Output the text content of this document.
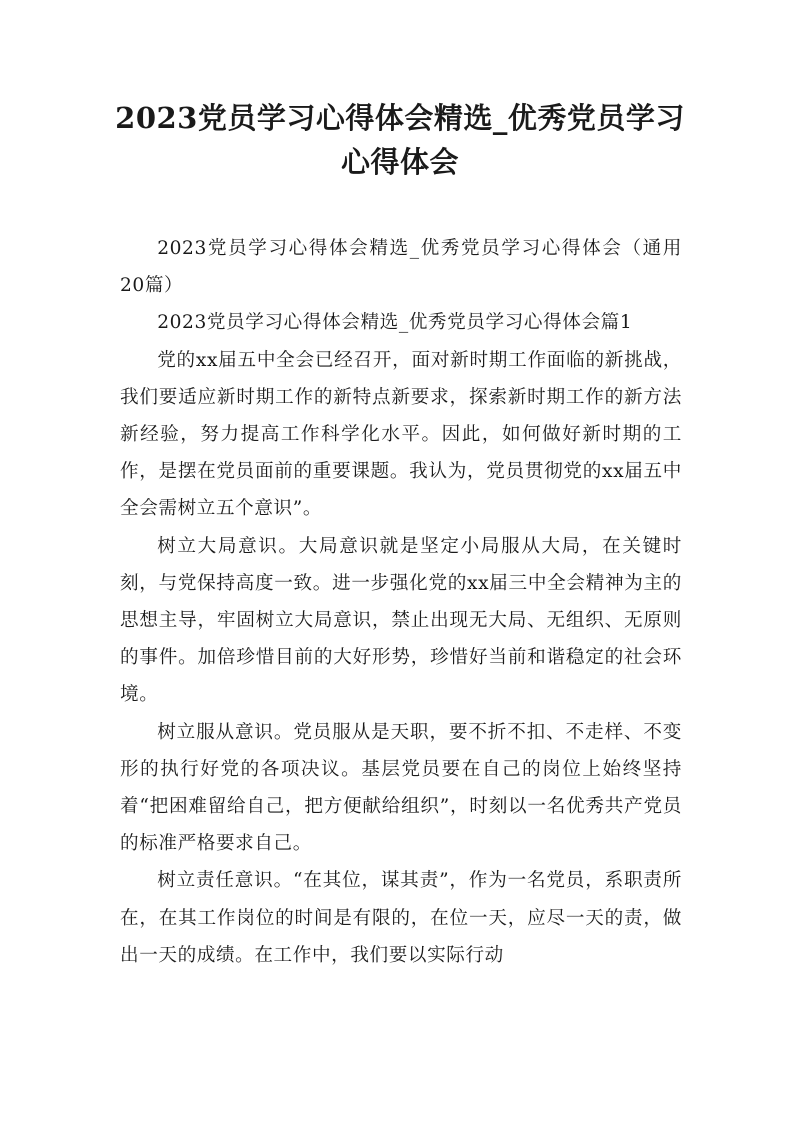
2023党员学习心得体会精选_优秀党员学习心得体会

2023党员学习心得体会精选_优秀党员学习心得体会（通用20篇）

2023党员学习心得体会精选_优秀党员学习心得体会篇1

党的xx届五中全会已经召开，面对新时期工作面临的新挑战，我们要适应新时期工作的新特点新要求，探索新时期工作的新方法新经验，努力提高工作科学化水平。因此，如何做好新时期的工作，是摆在党员面前的重要课题。我认为，党员贯彻党的xx届五中全会需树立五个意识”。

树立大局意识。大局意识就是坚定小局服从大局，在关键时刻，与党保持高度一致。进一步强化党的xx届三中全会精神为主的思想主导，牢固树立大局意识，禁止出现无大局、无组织、无原则的事件。加倍珍惜目前的大好形势，珍惜好当前和谐稳定的社会环境。

树立服从意识。党员服从是天职，要不折不扣、不走样、不变形的执行好党的各项决议。基层党员要在自己的岗位上始终坚持着“把困难留给自己，把方便献给组织”，时刻以一名优秀共产党员的标准严格要求自己。

树立责任意识。“在其位，谋其责”，作为一名党员，系职责所在，在其工作岗位的时间是有限的，在位一天，应尽一天的责，做出一天的成绩。在工作中，我们要以实际行动
